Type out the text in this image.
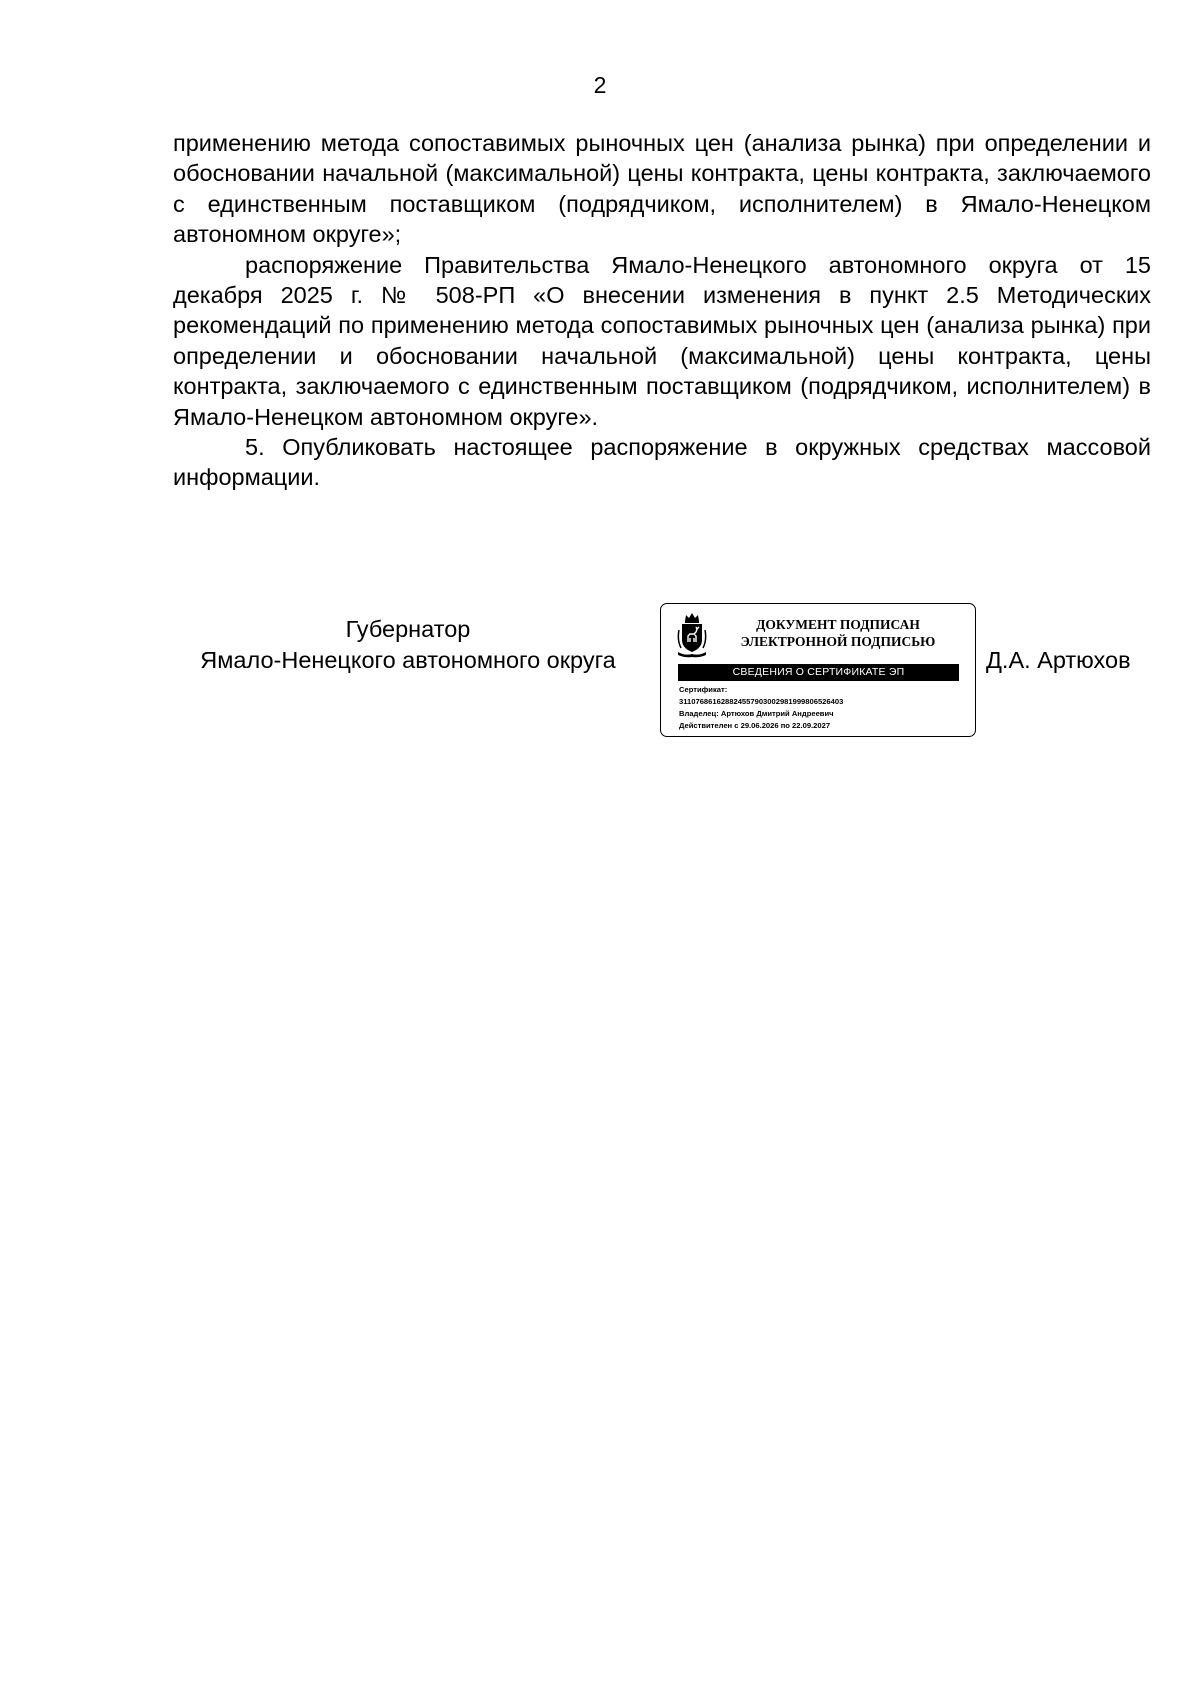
2

применению метода сопоставимых рыночных цен (анализа рынка) при определении и обосновании начальной (максимальной) цены контракта, цены контракта, заключаемого с единственным поставщиком (подрядчиком, исполнителем) в Ямало-Ненецком автономном округе»;

распоряжение Правительства Ямало-Ненецкого автономного округа от 15 декабря 2025 г. № 508-РП «О внесении изменения в пункт 2.5 Методических рекомендаций по применению метода сопоставимых рыночных цен (анализа рынка) при определении и обосновании начальной (максимальной) цены контракта, цены контракта, заключаемого с единственным поставщиком (подрядчиком, исполнителем) в Ямало-Ненецком автономном округе».

5. Опубликовать настоящее распоряжение в окружных средствах массовой информации.

Губернатор
Ямало-Ненецкого автономного округа
ДОКУМЕНТ ПОДПИСАН
ЭЛЕКТРОННОЙ ПОДПИСЬЮ
СВЕДЕНИЯ О СЕРТИФИКАТЕ ЭП
Сертификат:
311076861628824557903002981999806526403
Владелец: Артюхов Дмитрий Андреевич
Действителен с 29.06.2026 по 22.09.2027
Д.А. Артюхов
